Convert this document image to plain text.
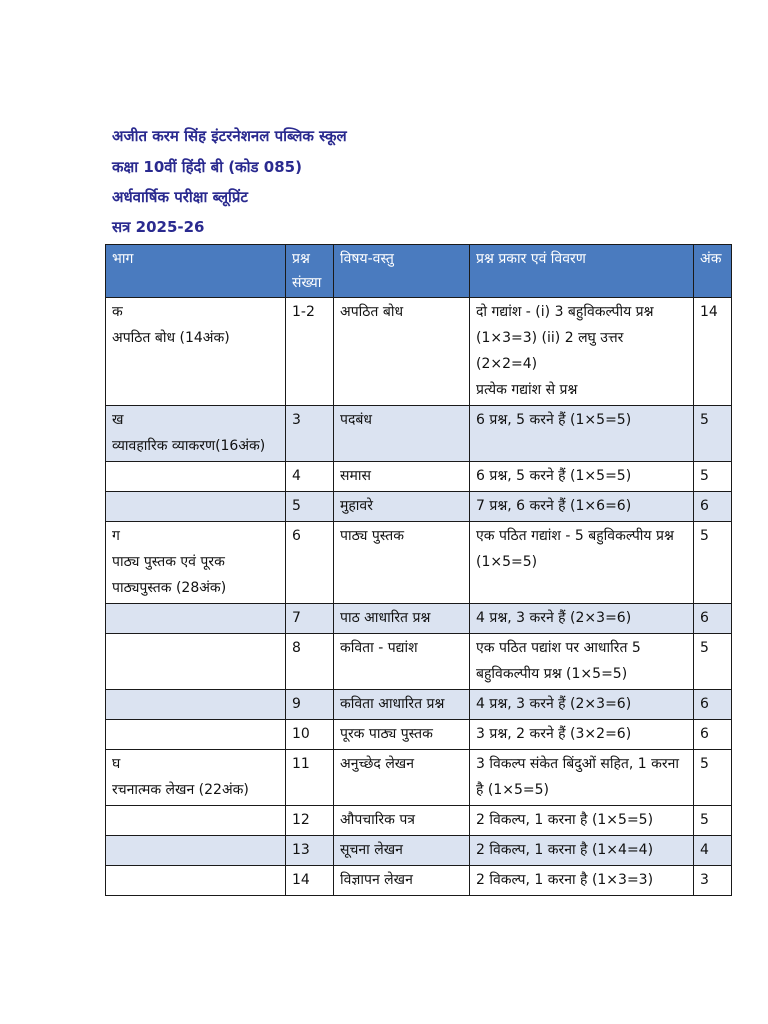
अजीत करम सिंह इंटरनेशनल पब्लिक स्कूल
कक्षा 10वीं हिंदी बी (कोड 085)
अर्धवार्षिक परीक्षा ब्लूप्रिंट
सत्र 2025-26
भाग	प्रश्न संख्या	विषय-वस्तु	प्रश्न प्रकार एवं विवरण	अंक
क
अपठित बोध (14अंक)	1-2	अपठित बोध	दो गद्यांश - (i) 3 बहुविकल्पीय प्रश्न (1×3=3) (ii) 2 लघु उत्तर (2×2=4)
प्रत्येक गद्यांश से प्रश्न	14
ख
व्यावहारिक व्याकरण(16अंक)	3	पदबंध	6 प्रश्न, 5 करने हैं (1×5=5)	5
	4	समास	6 प्रश्न, 5 करने हैं (1×5=5)	5
	5	मुहावरे	7 प्रश्न, 6 करने हैं (1×6=6)	6
ग
पाठ्य पुस्तक एवं पूरक पाठ्यपुस्तक (28अंक)	6	पाठ्य पुस्तक	एक पठित गद्यांश - 5 बहुविकल्पीय प्रश्न (1×5=5)	5
	7	पाठ आधारित प्रश्न	4 प्रश्न, 3 करने हैं (2×3=6)	6
	8	कविता - पद्यांश	एक पठित पद्यांश पर आधारित 5 बहुविकल्पीय प्रश्न (1×5=5)	5
	9	कविता आधारित प्रश्न	4 प्रश्न, 3 करने हैं (2×3=6)	6
	10	पूरक पाठ्य पुस्तक	3 प्रश्न, 2 करने हैं (3×2=6)	6
घ
रचनात्मक लेखन (22अंक)	11	अनुच्छेद लेखन	3 विकल्प संकेत बिंदुओं सहित, 1 करना है (1×5=5)	5
	12	औपचारिक पत्र	2 विकल्प, 1 करना है (1×5=5)	5
	13	सूचना लेखन	2 विकल्प, 1 करना है (1×4=4)	4
	14	विज्ञापन लेखन	2 विकल्प, 1 करना है (1×3=3)	3
